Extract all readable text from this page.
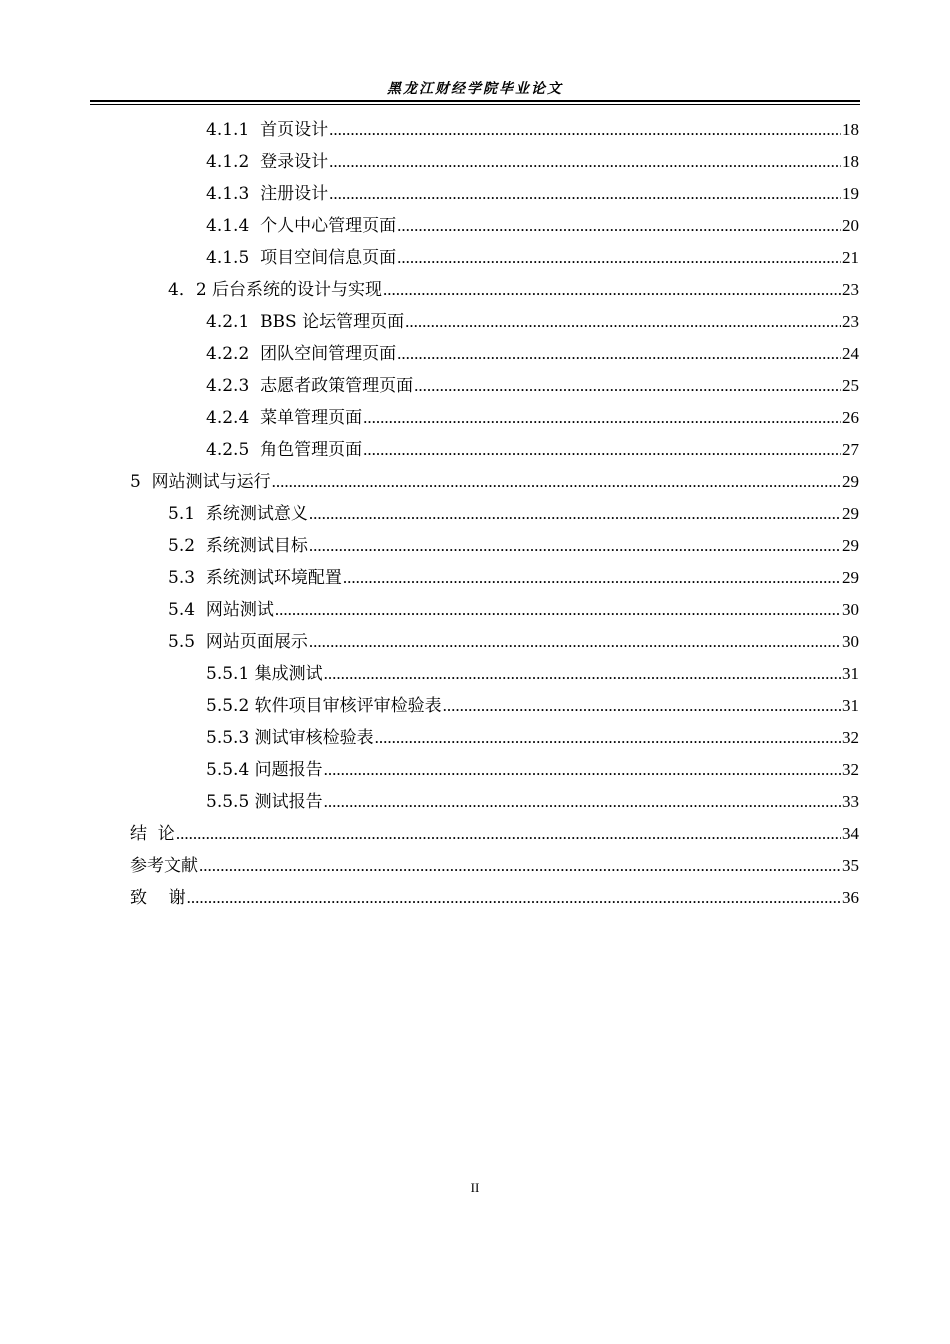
黑龙江财经学院毕业论文
4.1.1  首页设计 .....	18
4.1.2  登录设计 .....	18
4.1.3  注册设计 .....	19
4.1.4  个人中心管理页面 .....	20
4.1.5  项目空间信息页面 .....	21
4．2 后台系统的设计与实现 .....	23
4.2.1  BBS 论坛管理页面 .....	23
4.2.2  团队空间管理页面 .....	24
4.2.3  志愿者政策管理页面 .....	25
4.2.4  菜单管理页面 .....	26
4.2.5  角色管理页面 .....	27
5  网站测试与运行 .....	29
5.1  系统测试意义 .....	29
5.2  系统测试目标 .....	29
5.3  系统测试环境配置 .....	29
5.4  网站测试 .....	30
5.5  网站页面展示 .....	30
5.5.1 集成测试 .....	31
5.5.2 软件项目审核评审检验表 .....	31
5.5.3 测试审核检验表 .....	32
5.5.4 问题报告 .....	32
5.5.5 测试报告 .....	33
结  论 .....	34
参考文献 .....	35
致    谢 .....	36
II
